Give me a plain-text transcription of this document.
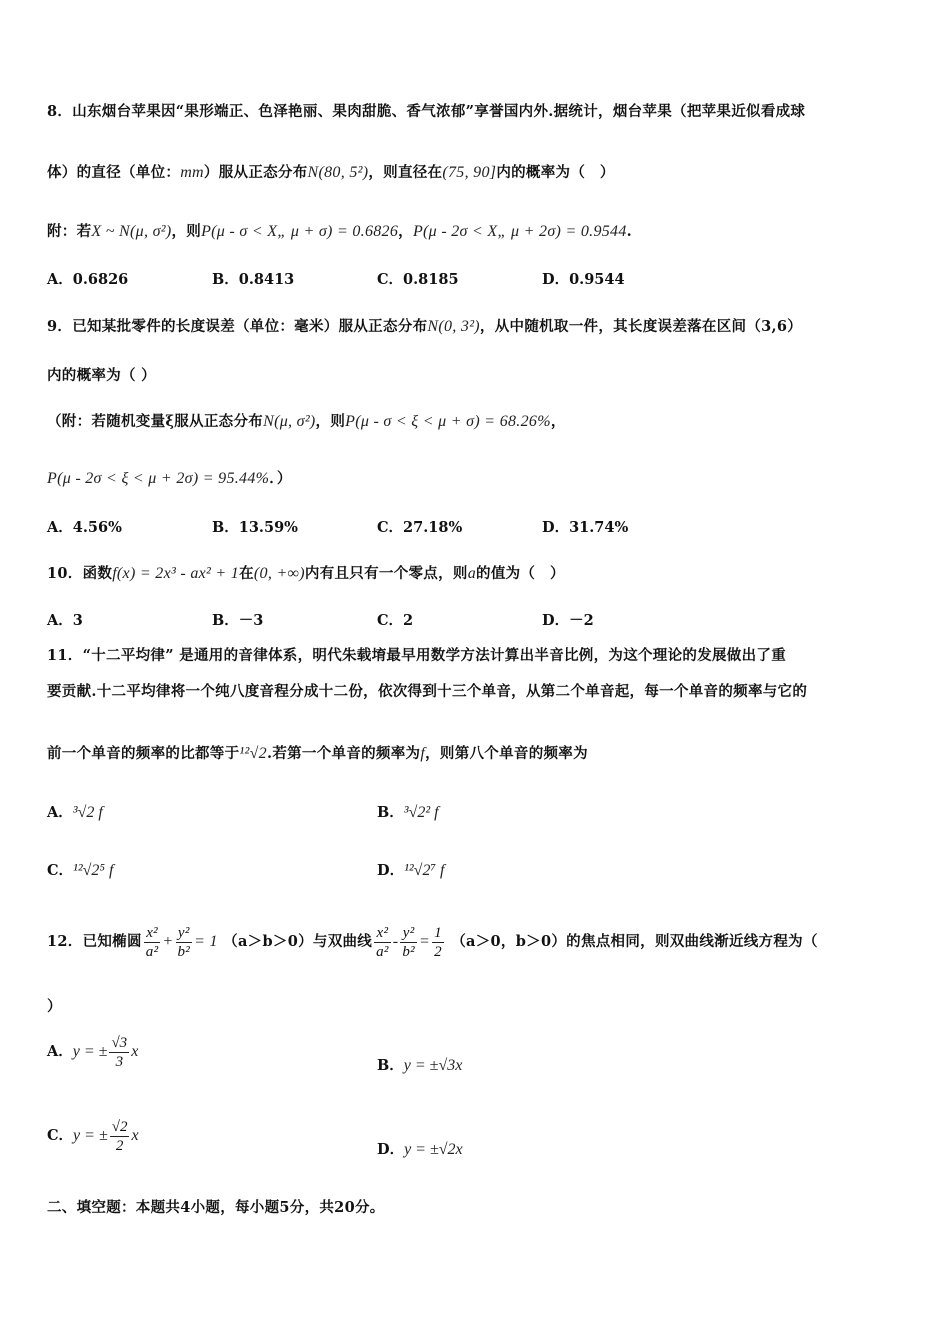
8．山东烟台苹果因“果形端正、色泽艳丽、果肉甜脆、香气浓郁”享誉国内外.据统计，烟台苹果（把苹果近似看成球
体）的直径（单位：mm）服从正态分布N(80, 5²)，则直径在(75, 90]内的概率为（　）
附：若X ~ N(μ, σ²)，则P(μ - σ < X„ μ + σ) = 0.6826，P(μ - 2σ < X„ μ + 2σ) = 0.9544.
A．0.6826	B．0.8413	C．0.8185	D．0.9544
9．已知某批零件的长度误差（单位：毫米）服从正态分布N(0, 3²)，从中随机取一件，其长度误差落在区间（3,6）
内的概率为（ ）
（附：若随机变量ξ服从正态分布N(μ, σ²)，则P(μ - σ < ξ < μ + σ) = 68.26%，
P(μ - 2σ < ξ < μ + 2σ) = 95.44%．）
A．4.56%	B．13.59%	C．27.18%	D．31.74%
10．函数f(x) = 2x³ - ax² + 1在(0, +∞)内有且只有一个零点，则a的值为（　）
A．3	B．－3	C．2	D．－2
11．“十二平均律” 是通用的音律体系，明代朱载堉最早用数学方法计算出半音比例，为这个理论的发展做出了重
要贡献.十二平均律将一个纯八度音程分成十二份，依次得到十三个单音，从第二个单音起，每一个单音的频率与它的
前一个单音的频率的比都等于¹²√2.若第一个单音的频率为f，则第八个单音的频率为
A．³√2 f	B．³√2² f
C．¹²√2⁵ f	D．¹²√2⁷ f
12．已知椭圆 $\frac{\text{x²}}{\text{a²}} + \frac{\text{y²}}{\text{b²}} = 1$ （a＞b＞0）与双曲线 $\frac{\text{x²}}{\text{a²}} - \frac{\text{y²}}{\text{b²}} = \frac{1}{2} (a>0$，b＞0）的焦点相同，则双曲线渐近线方程为（
）
A．y = ± $\frac{√3}{3}$ x
B．y = ±√3x
C．y = ± $\frac{√2}{2}$ x
D．y = ±√2x
二、填空题：本题共4小题，每小题5分，共20分。
